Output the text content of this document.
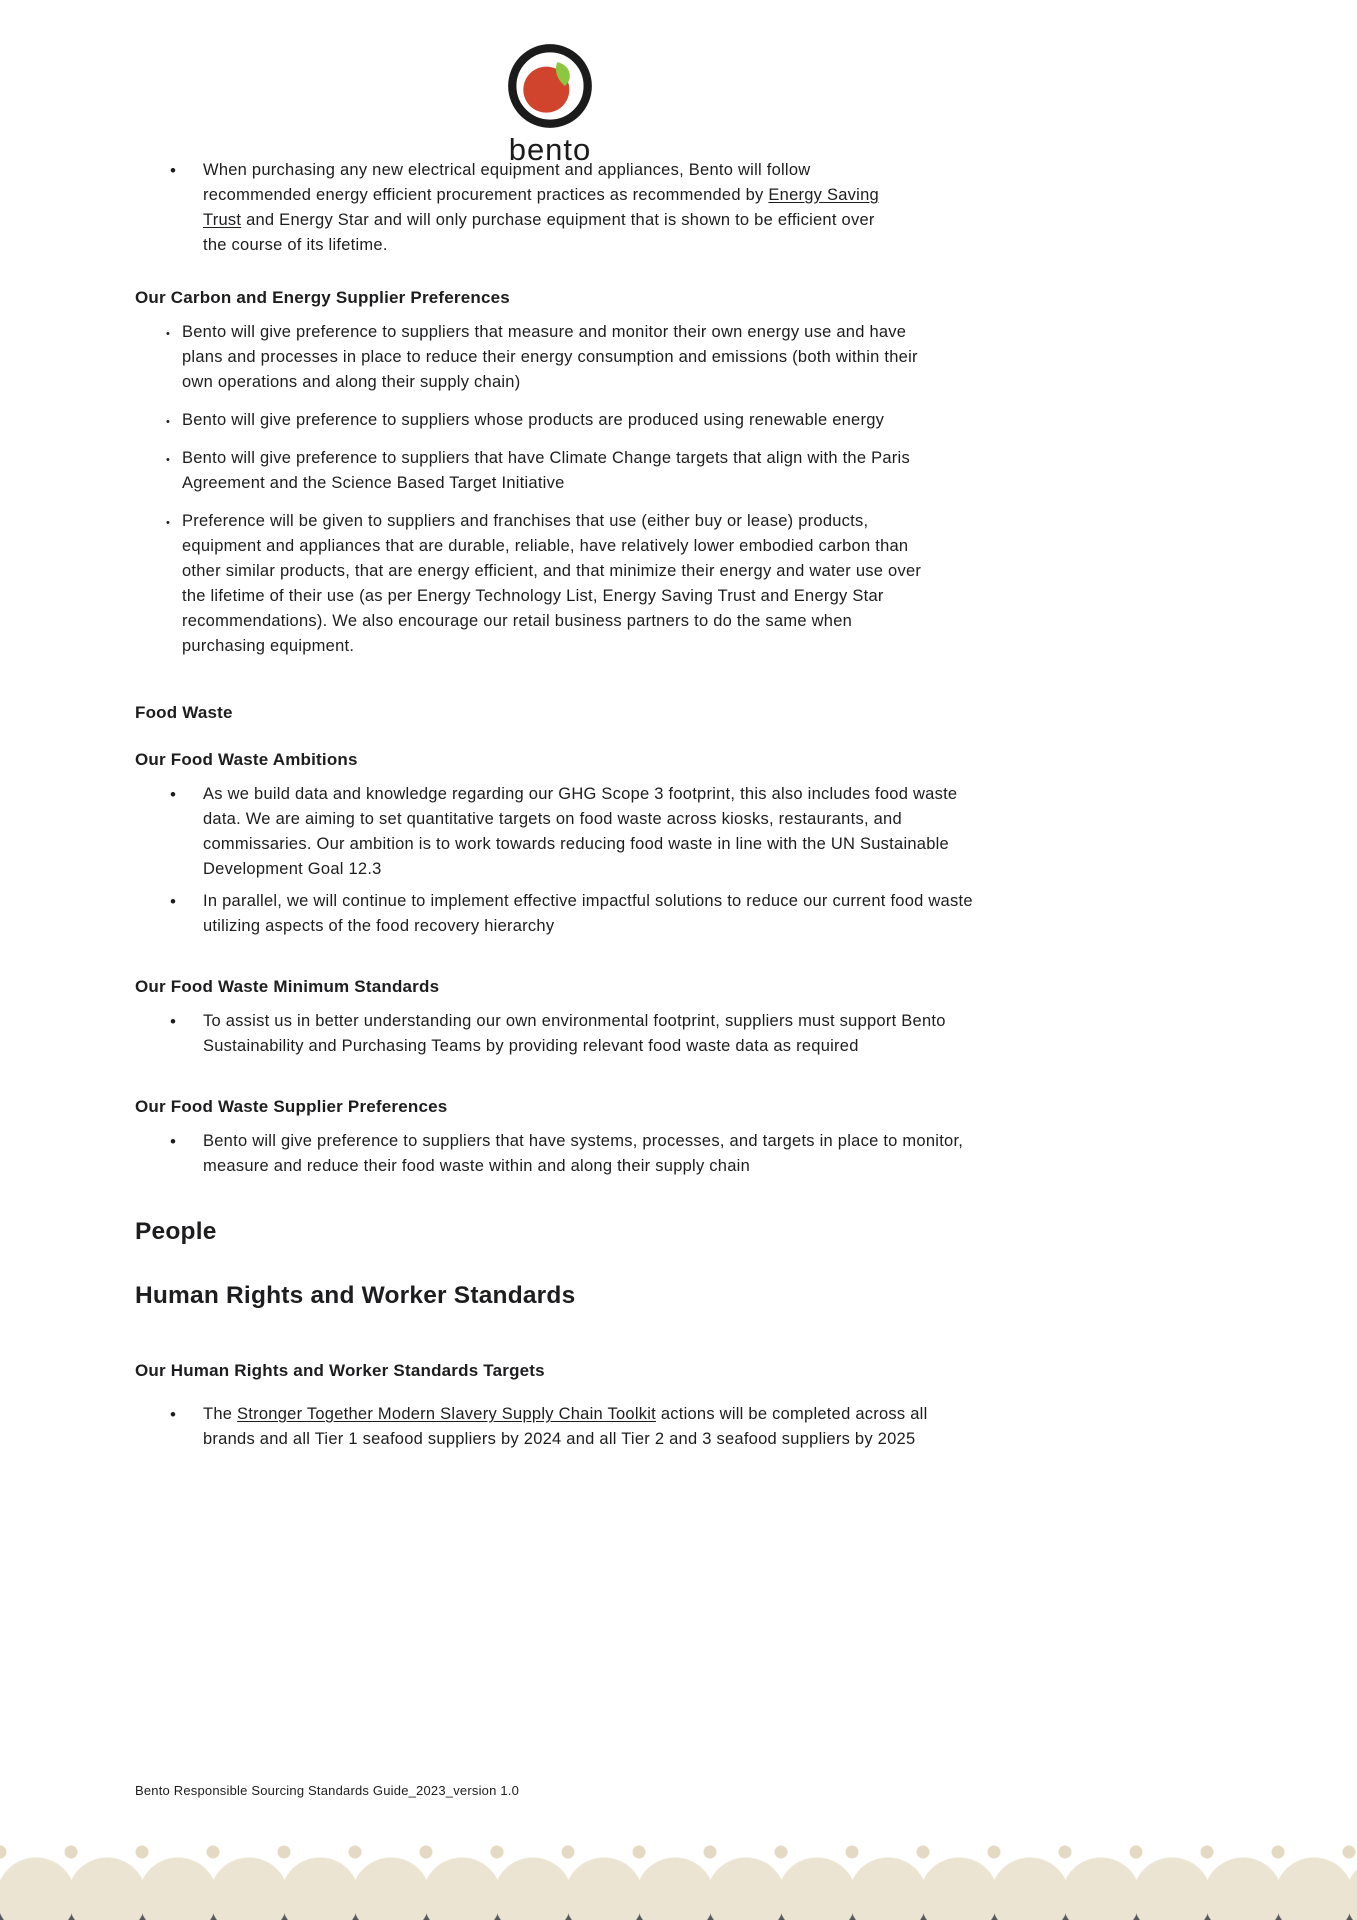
bento
• When purchasing any new electrical equipment and appliances, Bento will follow recommended energy efficient procurement practices as recommended by Energy Saving Trust and Energy Star and will only purchase equipment that is shown to be efficient over the course of its lifetime.
Our Carbon and Energy Supplier Preferences
• Bento will give preference to suppliers that measure and monitor their own energy use and have plans and processes in place to reduce their energy consumption and emissions (both within their own operations and along their supply chain)
• Bento will give preference to suppliers whose products are produced using renewable energy
• Bento will give preference to suppliers that have Climate Change targets that align with the Paris Agreement and the Science Based Target Initiative
• Preference will be given to suppliers and franchises that use (either buy or lease) products, equipment and appliances that are durable, reliable, have relatively lower embodied carbon than other similar products, that are energy efficient, and that minimize their energy and water use over the lifetime of their use (as per Energy Technology List, Energy Saving Trust and Energy Star recommendations). We also encourage our retail business partners to do the same when purchasing equipment.
Food Waste
Our Food Waste Ambitions
• As we build data and knowledge regarding our GHG Scope 3 footprint, this also includes food waste data. We are aiming to set quantitative targets on food waste across kiosks, restaurants, and commissaries. Our ambition is to work towards reducing food waste in line with the UN Sustainable Development Goal 12.3
• In parallel, we will continue to implement effective impactful solutions to reduce our current food waste utilizing aspects of the food recovery hierarchy
Our Food Waste Minimum Standards
• To assist us in better understanding our own environmental footprint, suppliers must support Bento Sustainability and Purchasing Teams by providing relevant food waste data as required
Our Food Waste Supplier Preferences
• Bento will give preference to suppliers that have systems, processes, and targets in place to monitor, measure and reduce their food waste within and along their supply chain
People
Human Rights and Worker Standards
Our Human Rights and Worker Standards Targets
• The Stronger Together Modern Slavery Supply Chain Toolkit actions will be completed across all brands and all Tier 1 seafood suppliers by 2024 and all Tier 2 and 3 seafood suppliers by 2025
Bento Responsible Sourcing Standards Guide_2023_version 1.0
